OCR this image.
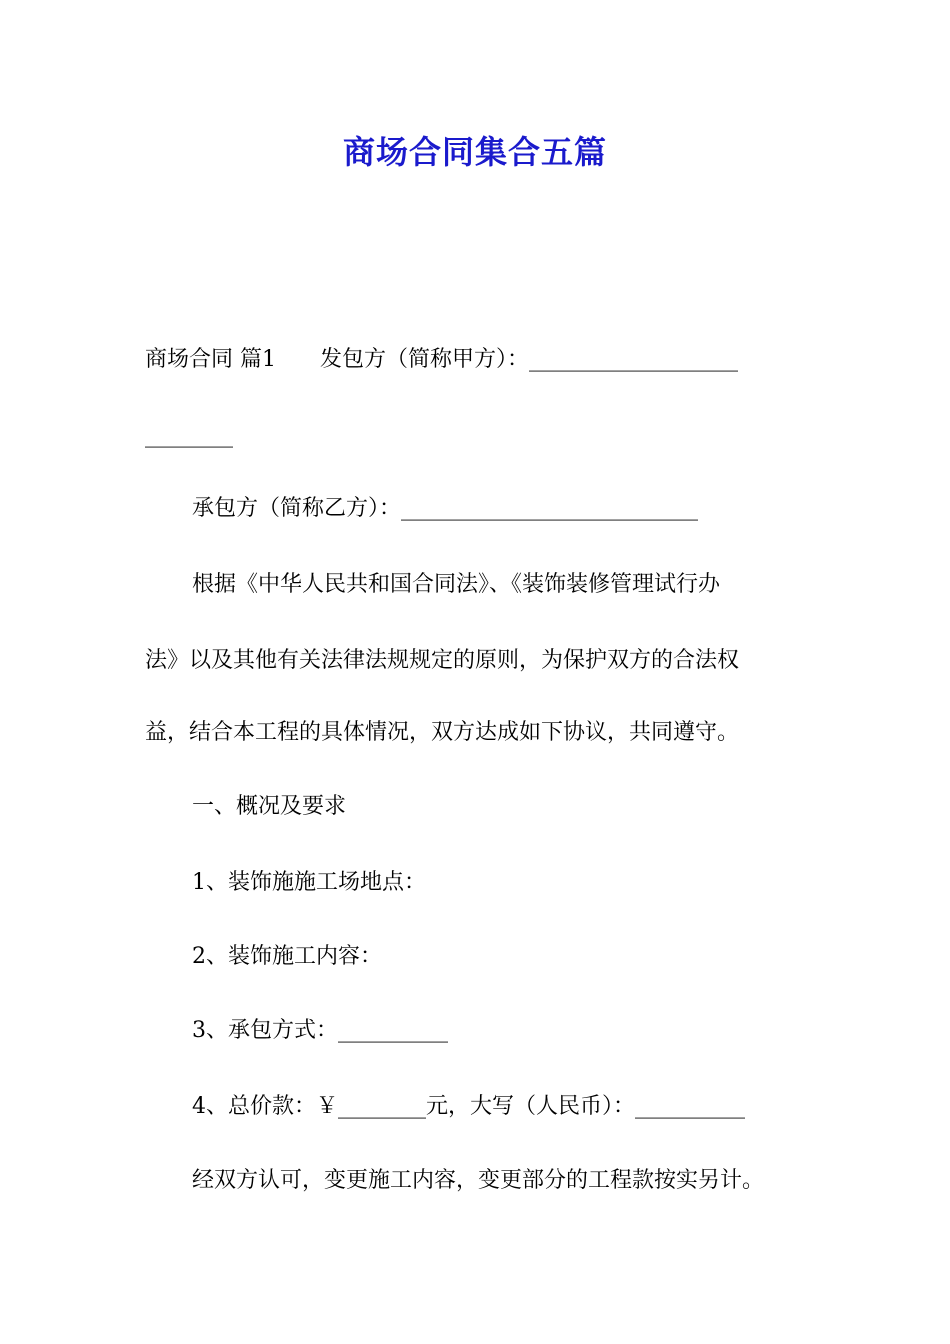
商场合同集合五篇
商场合同 篇1　　发包方（简称甲方）：___________________
________
承包方（简称乙方）：___________________________
根据《中华人民共和国合同法》、《装饰装修管理试行办
法》以及其他有关法律法规规定的原则，为保护双方的合法权
益，结合本工程的具体情况，双方达成如下协议，共同遵守。
一、概况及要求
1、装饰施施工场地点：
2、装饰施工内容：
3、承包方式：__________
4、总价款：￥________元，大写（人民币）：__________
经双方认可，变更施工内容，变更部分的工程款按实另计。
